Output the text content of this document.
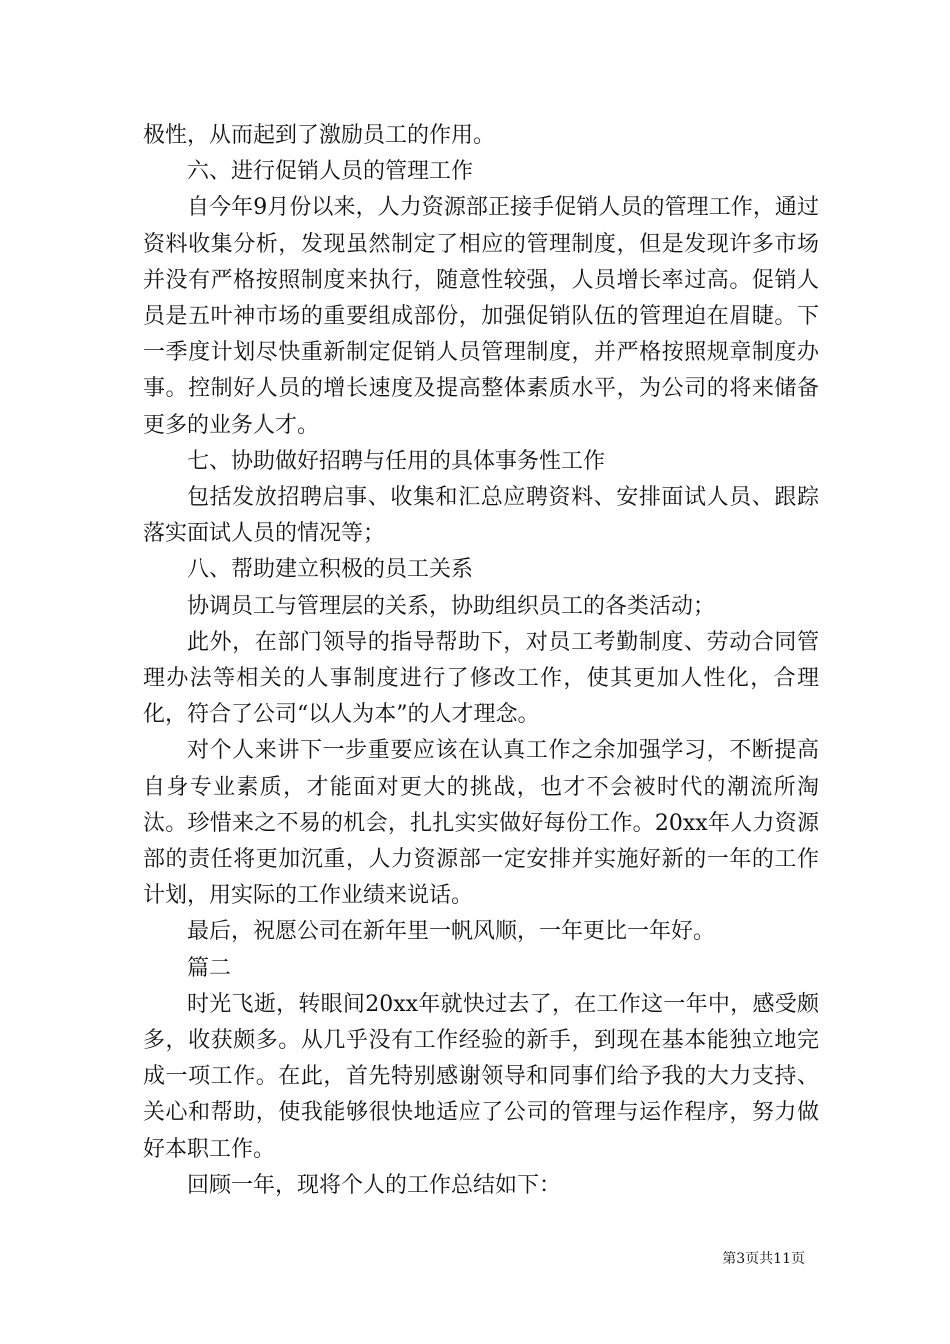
极性，从而起到了激励员工的作用。

六、进行促销人员的管理工作

自今年9月份以来，人力资源部正接手促销人员的管理工作，通过资料收集分析，发现虽然制定了相应的管理制度，但是发现许多市场并没有严格按照制度来执行，随意性较强，人员增长率过高。促销人员是五叶神市场的重要组成部份，加强促销队伍的管理迫在眉睫。下一季度计划尽快重新制定促销人员管理制度，并严格按照规章制度办事。控制好人员的增长速度及提高整体素质水平，为公司的将来储备更多的业务人才。

七、协助做好招聘与任用的具体事务性工作

包括发放招聘启事、收集和汇总应聘资料、安排面试人员、跟踪落实面试人员的情况等；

八、帮助建立积极的员工关系

协调员工与管理层的关系，协助组织员工的各类活动；

此外，在部门领导的指导帮助下，对员工考勤制度、劳动合同管理办法等相关的人事制度进行了修改工作，使其更加人性化，合理化，符合了公司“以人为本”的人才理念。

对个人来讲下一步重要应该在认真工作之余加强学习，不断提高自身专业素质，才能面对更大的挑战，也才不会被时代的潮流所淘汰。珍惜来之不易的机会，扎扎实实做好每份工作。20xx年人力资源部的责任将更加沉重，人力资源部一定安排并实施好新的一年的工作计划，用实际的工作业绩来说话。

最后，祝愿公司在新年里一帆风顺，一年更比一年好。

篇二

时光飞逝，转眼间20xx年就快过去了，在工作这一年中，感受颇多，收获颇多。从几乎没有工作经验的新手，到现在基本能独立地完成一项工作。在此，首先特别感谢领导和同事们给予我的大力支持、关心和帮助，使我能够很快地适应了公司的管理与运作程序，努力做好本职工作。

回顾一年，现将个人的工作总结如下：

第3页共11页
